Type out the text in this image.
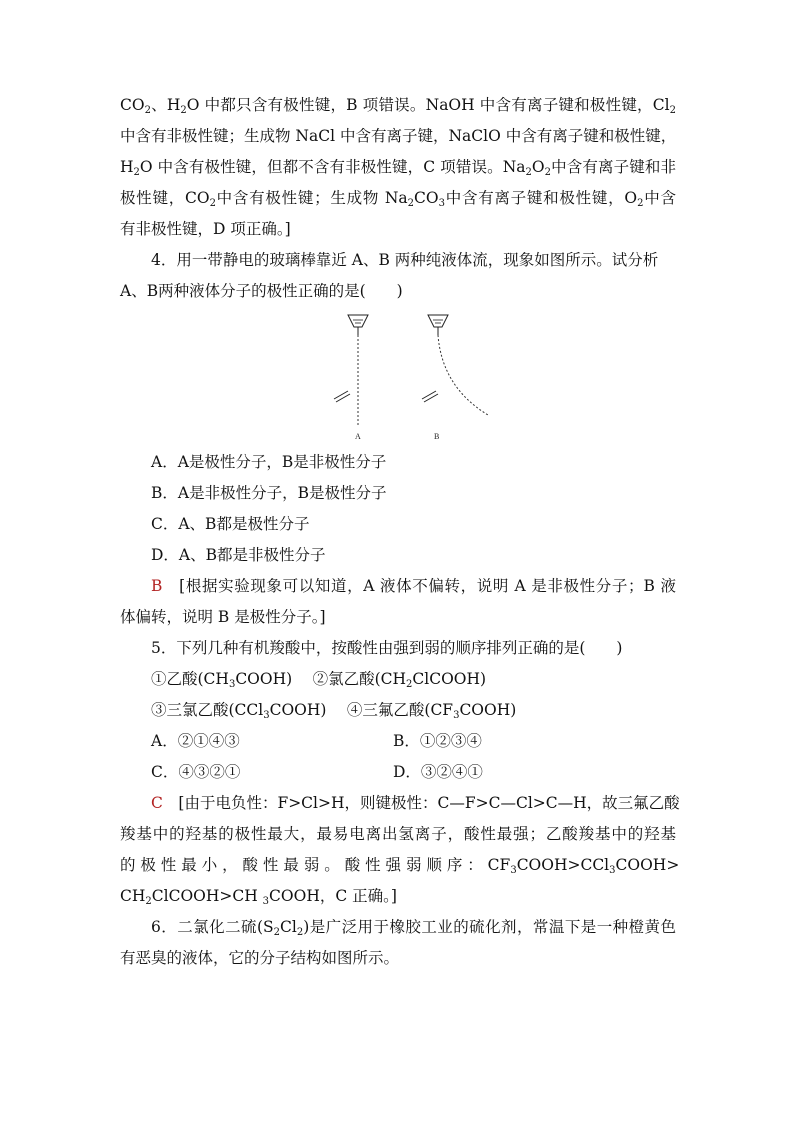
$CO_2$、$H_2O$ 中都只含有极性键，B 项错误。NaOH 中含有离子键和极性键，$Cl_2$
中含有非极性键；生成物 NaCl 中含有离子键，NaClO 中含有离子键和极性键，
$H_2O$ 中含有极性键，但都不含有非极性键，C 项错误。$Na_2O_2$中含有离子键和非
极性键，$CO_2$中含有极性键；生成物 $Na_2CO_3$中含有离子键和极性键，$O_2$中含
有非极性键，D 项正确。]
4．用一带静电的玻璃棒靠近 A、B 两种纯液体流，现象如图所示。试分析
A、B两种液体分子的极性正确的是(　　)
A	B
A．A是极性分子，B是非极性分子
B．A是非极性分子，B是极性分子
C．A、B都是极性分子
D．A、B都是非极性分子
B　 [根据实验现象可以知道，A 液体不偏转，说明 A 是非极性分子；B 液
体偏转，说明 B 是极性分子。]
5．下列几种有机羧酸中，按酸性由强到弱的顺序排列正确的是(　　)
①乙酸$(CH_3COOH)$ 　 ②氯乙酸$(CH_2ClCOOH)$
③三氯乙酸(CCl$_3$COOH) 　 ④三氟乙酸$(CF_3COOH)$
A．②①④③	B．①②③④
C．④③②①	D．③②④①
C　 [由于电负性：F>Cl>H，则键极性：C—F>C—Cl>C—H，故三氟乙酸
羧基中的羟基的极性最大，最易电离出氢离子，酸性最强；乙酸羧基中的羟基
的 极 性 最 小 ， 酸 性 最 弱 。 酸 性 强 弱 顺 序 ： $CF_3COOH>CCl_3COOH>$
$CH_2ClCOOH>CH$ $_3$COOH，C 正确。]
6．二氯化二硫$(S_2Cl_2)$是广泛用于橡胶工业的硫化剂，常温下是一种橙黄色
有恶臭的液体，它的分子结构如图所示。
